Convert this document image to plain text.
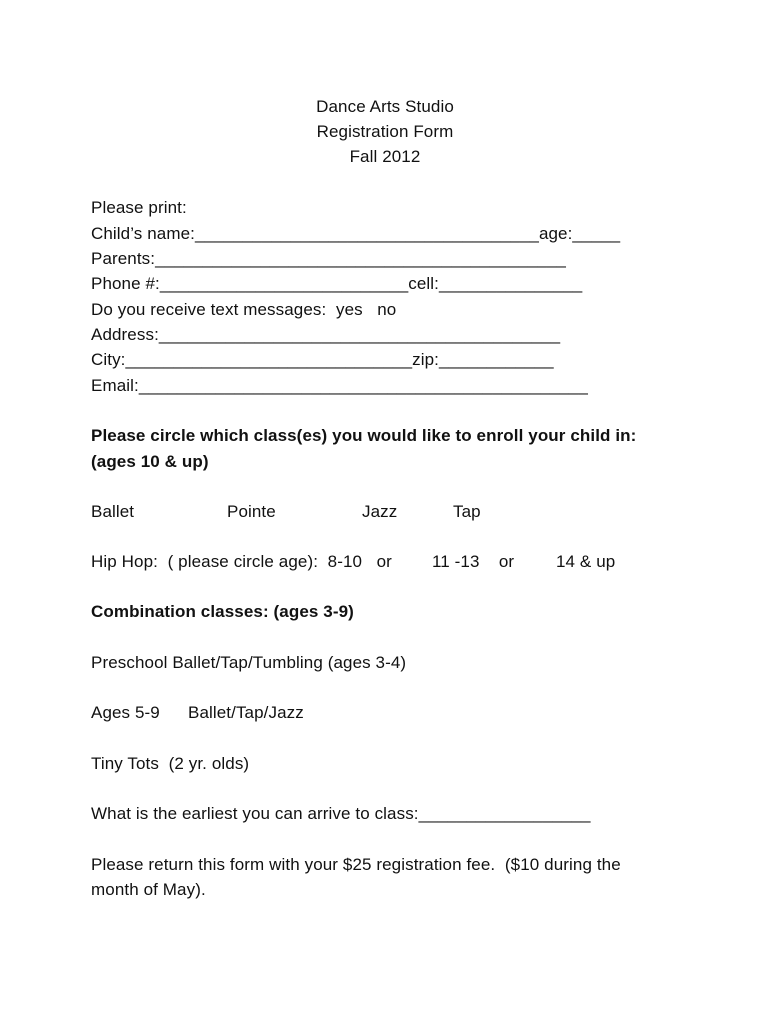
Dance Arts Studio
Registration Form
Fall 2012
Please print:
Child’s name:____________________________________age:_____
Parents:___________________________________________
Phone #:__________________________cell:_______________
Do you receive text messages:  yes   no
Address:__________________________________________
City:______________________________zip:____________
Email:_______________________________________________
Please circle which class(es) you would like to enroll your child in:
(ages 10 & up)
Ballet	Pointe	Jazz	Tap
Hip Hop:  ( please circle age):  8-10   or 11 -13    or 14 & up
Combination classes: (ages 3-9)
Preschool Ballet/Tap/Tumbling (ages 3-4)
Ages 5-9 Ballet/Tap/Jazz
Tiny Tots  (2 yr. olds)
What is the earliest you can arrive to class:__________________
Please return this form with your $25 registration fee.  ($10 during the
month of May).
